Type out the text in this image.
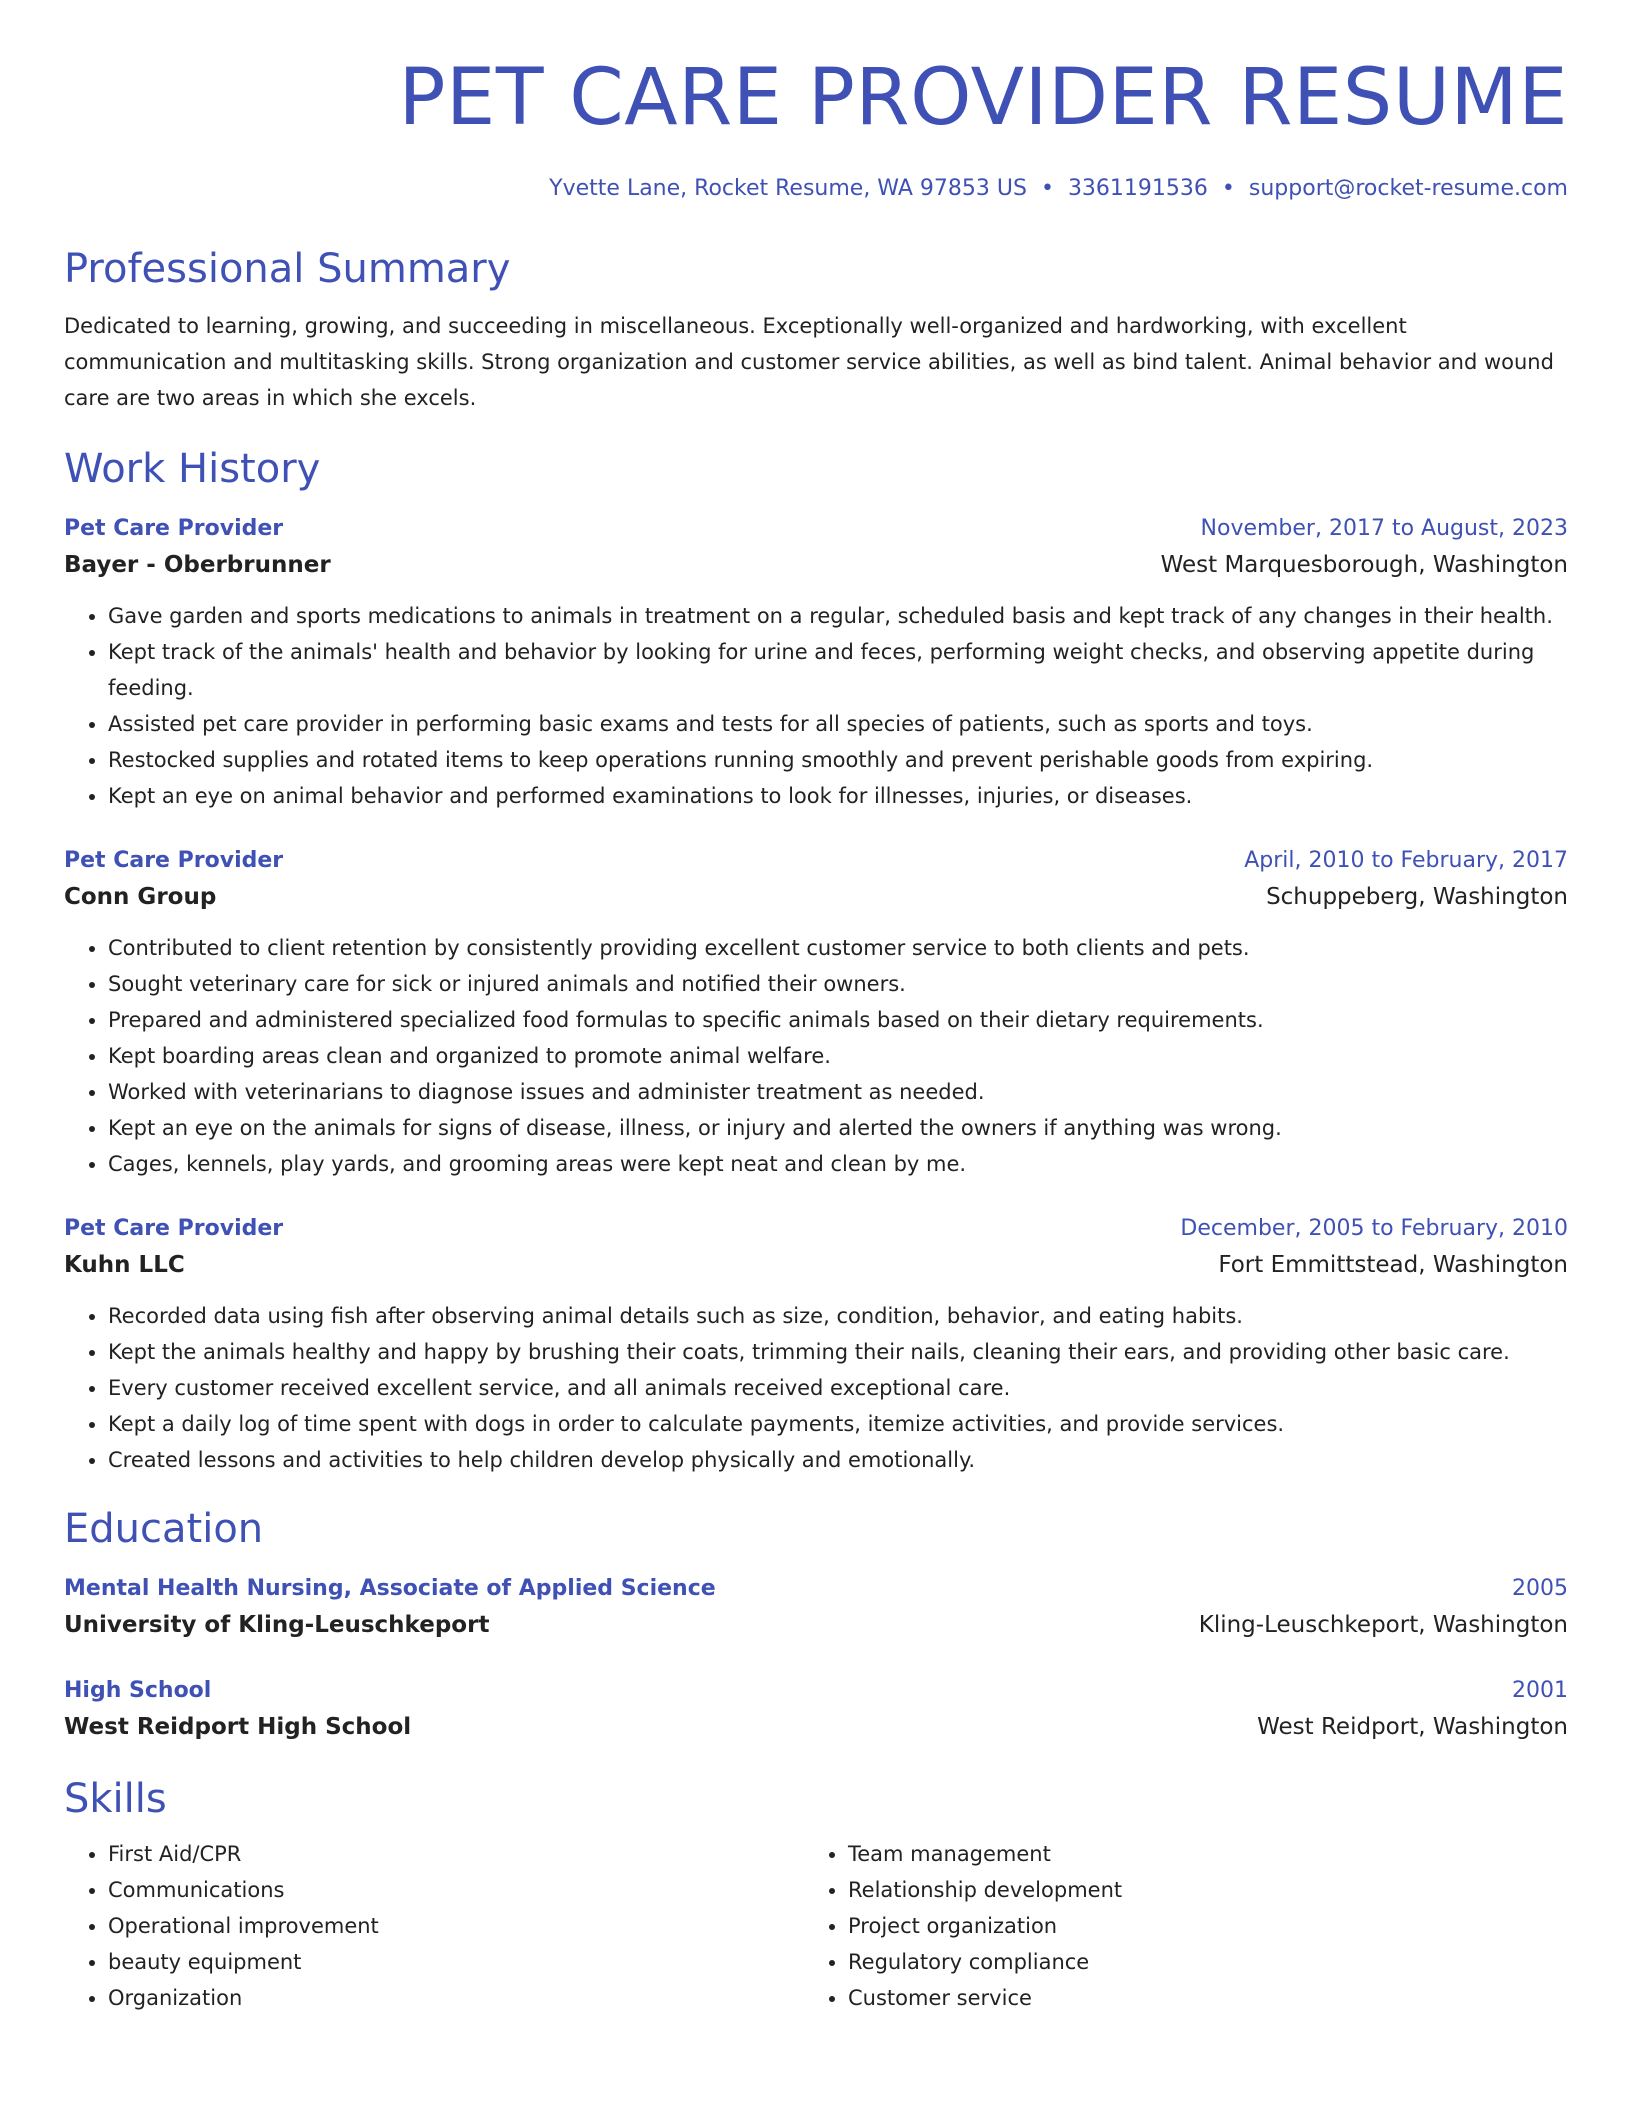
PET CARE PROVIDER RESUME
Yvette Lane, Rocket Resume, WA 97853 US • 3361191536 • support@rocket-resume.com
Professional Summary
Dedicated to learning, growing, and succeeding in miscellaneous. Exceptionally well-organized and hardworking, with excellent communication and multitasking skills. Strong organization and customer service abilities, as well as bind talent. Animal behavior and wound care are two areas in which she excels.
Work History
Pet Care Provider	November, 2017 to August, 2023
Bayer - Oberbrunner	West Marquesborough, Washington
• Gave garden and sports medications to animals in treatment on a regular, scheduled basis and kept track of any changes in their health.
• Kept track of the animals' health and behavior by looking for urine and feces, performing weight checks, and observing appetite during feeding.
• Assisted pet care provider in performing basic exams and tests for all species of patients, such as sports and toys.
• Restocked supplies and rotated items to keep operations running smoothly and prevent perishable goods from expiring.
• Kept an eye on animal behavior and performed examinations to look for illnesses, injuries, or diseases.
Pet Care Provider	April, 2010 to February, 2017
Conn Group	Schuppeberg, Washington
• Contributed to client retention by consistently providing excellent customer service to both clients and pets.
• Sought veterinary care for sick or injured animals and notified their owners.
• Prepared and administered specialized food formulas to specific animals based on their dietary requirements.
• Kept boarding areas clean and organized to promote animal welfare.
• Worked with veterinarians to diagnose issues and administer treatment as needed.
• Kept an eye on the animals for signs of disease, illness, or injury and alerted the owners if anything was wrong.
• Cages, kennels, play yards, and grooming areas were kept neat and clean by me.
Pet Care Provider	December, 2005 to February, 2010
Kuhn LLC	Fort Emmittstead, Washington
• Recorded data using fish after observing animal details such as size, condition, behavior, and eating habits.
• Kept the animals healthy and happy by brushing their coats, trimming their nails, cleaning their ears, and providing other basic care.
• Every customer received excellent service, and all animals received exceptional care.
• Kept a daily log of time spent with dogs in order to calculate payments, itemize activities, and provide services.
• Created lessons and activities to help children develop physically and emotionally.
Education
Mental Health Nursing, Associate of Applied Science	2005
University of Kling-Leuschkeport	Kling-Leuschkeport, Washington
High School	2001
West Reidport High School	West Reidport, Washington
Skills
• First Aid/CPR
• Communications
• Operational improvement
• beauty equipment
• Organization
• Team management
• Relationship development
• Project organization
• Regulatory compliance
• Customer service
